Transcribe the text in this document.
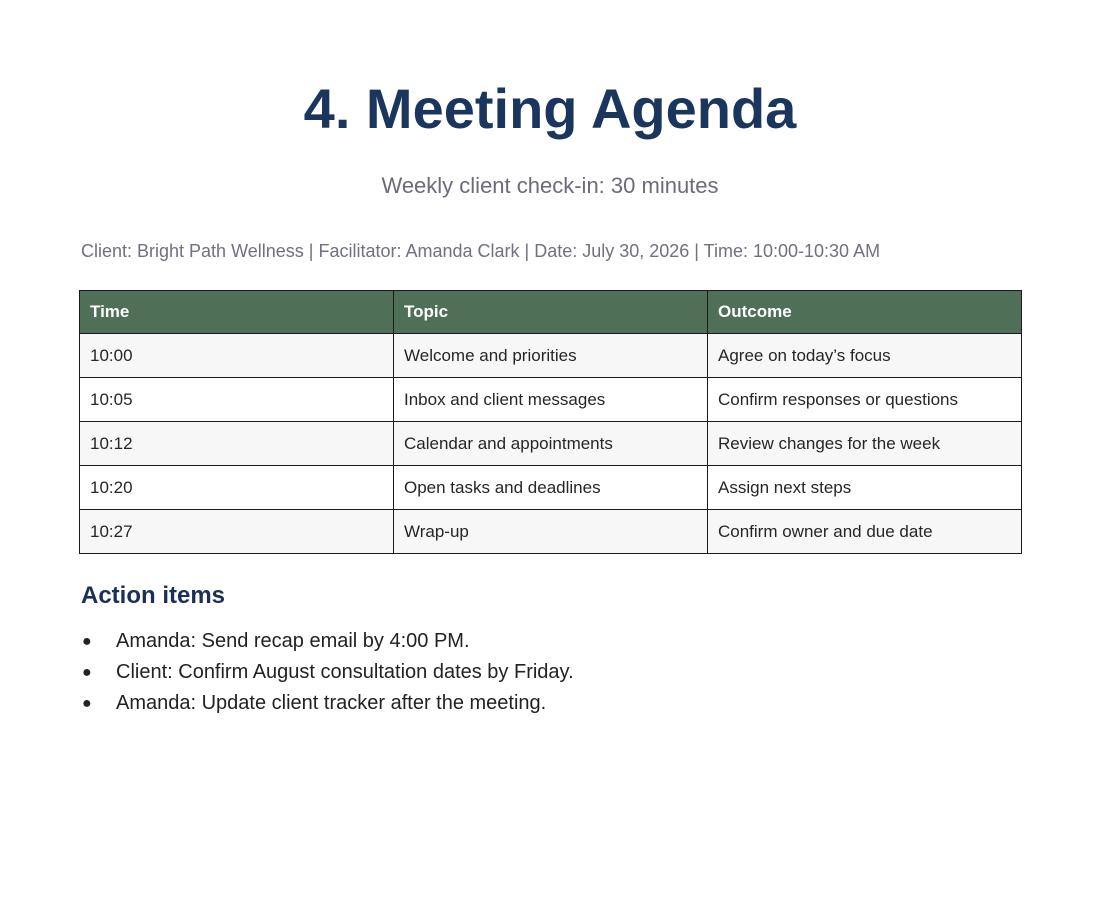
4. Meeting Agenda
Weekly client check-in: 30 minutes
Client: Bright Path Wellness | Facilitator: Amanda Clark | Date: July 30, 2026 | Time: 10:00-10:30 AM
Time	Topic	Outcome
10:00	Welcome and priorities	Agree on today’s focus
10:05	Inbox and client messages	Confirm responses or questions
10:12	Calendar and appointments	Review changes for the week
10:20	Open tasks and deadlines	Assign next steps
10:27	Wrap-up	Confirm owner and due date
Action items
● Amanda: Send recap email by 4:00 PM.
● Client: Confirm August consultation dates by Friday.
● Amanda: Update client tracker after the meeting.
